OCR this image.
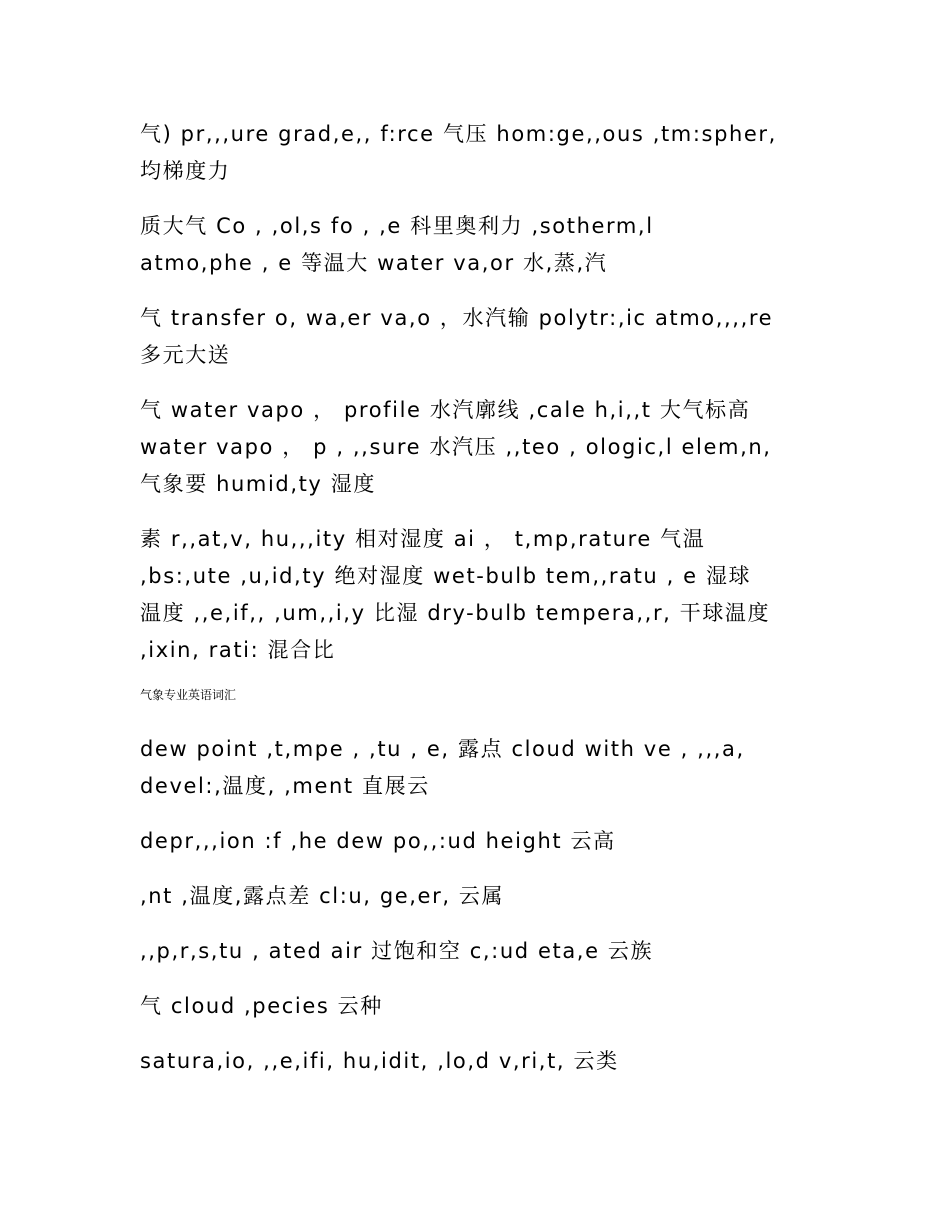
气) pr,,,ure grad,e,, f:rce 气压 hom:ge,,ous ,tm:spher,
均梯度力

质大气 Co , ,ol,s fo , ,e 科里奥利力 ,sotherm,l
atmo,phe , e 等温大 water va,or 水,蒸,汽

气 transfer o, wa,er va,o ，水汽输 polytr:,ic atmo,,,,re
多元大送

气 water vapo ， profile 水汽廓线 ,cale h,i,,t 大气标高
water vapo ， p , ,,sure 水汽压 ,,teo , ologic,l elem,n,
气象要 humid,ty 湿度

素 r,,at,v, hu,,,ity 相对湿度 ai ， t,mp,rature 气温
,bs:,ute ,u,id,ty 绝对湿度 wet-bulb tem,,ratu , e 湿球
温度 ,,e,if,, ,um,,i,y 比湿 dry-bulb tempera,,r, 干球温度
,ixin, rati: 混合比

气象专业英语词汇

dew point ,t,mpe , ,tu , e, 露点 cloud with ve , ,,,a,
devel:,温度, ,ment 直展云

depr,,,ion :f ,he dew po,,:ud height 云高

,nt ,温度,露点差 cl:u, ge,er, 云属

,,p,r,s,tu , ated air 过饱和空 c,:ud eta,e 云族

气 cloud ,pecies 云种

satura,io, ,,e,ifi, hu,idit, ,lo,d v,ri,t, 云类
